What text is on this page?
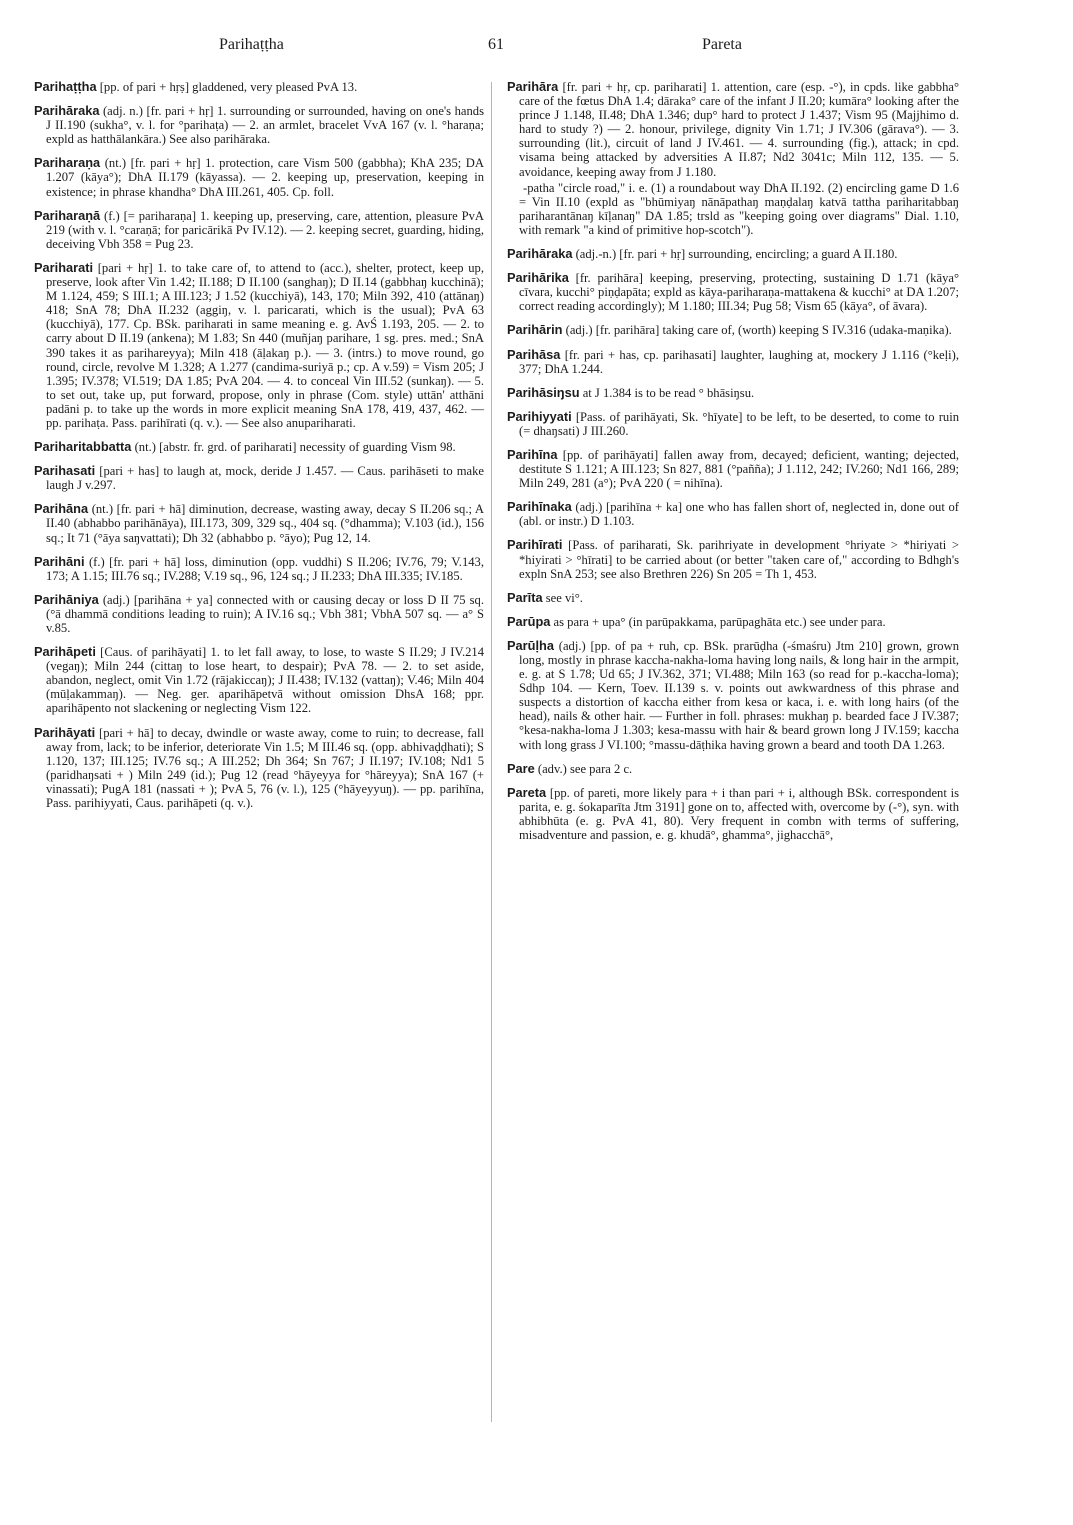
Parihaṭṭha	61	Pareta

Parihaṭṭha [pp. of pari + hṛṣ] gladdened, very pleased PvA 13.

Parihāraka (adj. n.) [fr. pari + hṛ] 1. surrounding or surrounded, having on one's hands J II.190 (sukha°, v. l. for °parihaṭa) — 2. an armlet, bracelet VvA 167 (v. l. °haraṇa; expld as hatthālankāra.) See also parihāraka.

Pariharaṇa (nt.) [fr. pari + hṛ] 1. protection, care Vism 500 (gabbha); KhA 235; DA 1.207 (kāya°); DhA II.179 (kāyassa). — 2. keeping up, preservation, keeping in existence; in phrase khandha° DhA III.261, 405. Cp. foll.

Pariharaṇā (f.) [= pariharaṇa] 1. keeping up, preserving, care, attention, pleasure PvA 219 (with v. l. °caraṇā; for paricārikā Pv IV.12). — 2. keeping secret, guarding, hiding, deceiving Vbh 358 = Pug 23.

Pariharati [pari + hṛ] 1. to take care of, to attend to (acc.), shelter, protect, keep up, preserve, look after Vin 1.42; II.188; D II.100 (sanghaŋ); D II.14 (gabbhaŋ kucchinā); M 1.124, 459; S III.1; A III.123; J 1.52 (kucchiyā), 143, 170; Miln 392, 410 (attānaŋ) 418; SnA 78; DhA II.232 (aggiŋ, v. l. paricarati, which is the usual); PvA 63 (kucchiyā), 177. Cp. BSk. pariharati in same meaning e. g. AvŚ 1.193, 205. — 2. to carry about D II.19 (ankena); M 1.83; Sn 440 (muñjaŋ parihare, 1 sg. pres. med.; SnA 390 takes it as parihareyya); Miln 418 (āḷakaŋ p.). — 3. (intrs.) to move round, go round, circle, revolve M 1.328; A 1.277 (candima-suriyā p.; cp. A v.59) = Vism 205; J 1.395; IV.378; VI.519; DA 1.85; PvA 204. — 4. to conceal Vin III.52 (sunkaŋ). — 5. to set out, take up, put forward, propose, only in phrase (Com. style) uttān' atthāni padāni p. to take up the words in more explicit meaning SnA 178, 419, 437, 462. — pp. parihaṭa. Pass. parihīrati (q. v.). — See also anupariharati.

Pariharitabbatta (nt.) [abstr. fr. grd. of pariharati] necessity of guarding Vism 98.

Parihasati [pari + has] to laugh at, mock, deride J 1.457. — Caus. parihāseti to make laugh J v.297.

Parihāna (nt.) [fr. pari + hā] diminution, decrease, wasting away, decay S II.206 sq.; A II.40 (abhabbo parihānāya), III.173, 309, 329 sq., 404 sq. (°dhamma); V.103 (id.), 156 sq.; It 71 (°āya saŋvattati); Dh 32 (abhabbo p. °āyo); Pug 12, 14.

Parihāni (f.) [fr. pari + hā] loss, diminution (opp. vuddhi) S II.206; IV.76, 79; V.143, 173; A 1.15; III.76 sq.; IV.288; V.19 sq., 96, 124 sq.; J II.233; DhA III.335; IV.185.

Parihāniya (adj.) [parihāna + ya] connected with or causing decay or loss D II 75 sq. (°ā dhammā conditions leading to ruin); A IV.16 sq.; Vbh 381; VbhA 507 sq. — a° S v.85.

Parihāpeti [Caus. of parihāyati] 1. to let fall away, to lose, to waste S II.29; J IV.214 (vegaŋ); Miln 244 (cittaŋ to lose heart, to despair); PvA 78. — 2. to set aside, abandon, neglect, omit Vin 1.72 (rājakiccaŋ); J II.438; IV.132 (vattaŋ); V.46; Miln 404 (mūḷakammaŋ). — Neg. ger. aparihāpetvā without omission DhsA 168; ppr. aparihāpento not slackening or neglecting Vism 122.

Parihāyati [pari + hā] to decay, dwindle or waste away, come to ruin; to decrease, fall away from, lack; to be inferior, deteriorate Vin 1.5; M III.46 sq. (opp. abhivaḍḍhati); S 1.120, 137; III.125; IV.76 sq.; A III.252; Dh 364; Sn 767; J II.197; IV.108; Nd1 5 (paridhaŋsati + ) Miln 249 (id.); Pug 12 (read °hāyeyya for °hāreyya); SnA 167 (+ vinassati); PugA 181 (nassati + ); PvA 5, 76 (v. l.), 125 (°hāyeyyuŋ). — pp. parihīna, Pass. parihiyyati, Caus. parihāpeti (q. v.).

Parihāra [fr. pari + hṛ, cp. pariharati] 1. attention, care (esp. -°), in cpds. like gabbha° care of the fœtus DhA 1.4; dāraka° care of the infant J II.20; kumāra° looking after the prince J 1.148, II.48; DhA 1.346; dup° hard to protect J 1.437; Vism 95 (Majjhimo d. hard to study ?) — 2. honour, privilege, dignity Vin 1.71; J IV.306 (gārava°). — 3. surrounding (lit.), circuit of land J IV.461. — 4. surrounding (fig.), attack; in cpd. visama being attacked by adversities A II.87; Nd2 3041c; Miln 112, 135. — 5. avoidance, keeping away from J 1.180.

-patha "circle road," i. e. (1) a roundabout way DhA II.192. (2) encircling game D 1.6 = Vin II.10 (expld as "bhūmiyaŋ nānāpathaŋ maṇḍalaŋ katvā tattha pariharitabbaŋ pariharantānaŋ kīḷanaŋ" DA 1.85; trsld as "keeping going over diagrams" Dial. 1.10, with remark "a kind of primitive hop-scotch").

Parihāraka (adj.-n.) [fr. pari + hṛ] surrounding, encircling; a guard A II.180.

Parihārika [fr. parihāra] keeping, preserving, protecting, sustaining D 1.71 (kāya° cīvara, kucchi° piṇḍapāta; expld as kāya-pariharaṇa-mattakena & kucchi° at DA 1.207; correct reading accordingly); M 1.180; III.34; Pug 58; Vism 65 (kāya°, of āvara).

Parihārin (adj.) [fr. parihāra] taking care of, (worth) keeping S IV.316 (udaka-maṇika).

Parihāsa [fr. pari + has, cp. parihasati] laughter, laughing at, mockery J 1.116 (°keḷi), 377; DhA 1.244.

Parihāsiŋsu at J 1.384 is to be read ° bhāsiŋsu.

Parihiyyati [Pass. of parihāyati, Sk. °hīyate] to be left, to be deserted, to come to ruin (= dhaŋsati) J III.260.

Parihīna [pp. of parihāyati] fallen away from, decayed; deficient, wanting; dejected, destitute S 1.121; A III.123; Sn 827, 881 (°pañña); J 1.112, 242; IV.260; Nd1 166, 289; Miln 249, 281 (a°); PvA 220 ( = nihīna).

Parihīnaka (adj.) [parihīna + ka] one who has fallen short of, neglected in, done out of (abl. or instr.) D 1.103.

Parihīrati [Pass. of pariharati, Sk. parihriyate in development °hriyate > *hiriyati > *hiyirati > °hīrati] to be carried about (or better "taken care of," according to Bdhgh's expln SnA 253; see also Brethren 226) Sn 205 = Th 1, 453.

Parīta see vi°.

Parūpa as para + upa° (in parūpakkama, parūpaghāta etc.) see under para.

Parūḷha (adj.) [pp. of pa + ruh, cp. BSk. prarūḍha (-śmaśru) Jtm 210] grown, grown long, mostly in phrase kaccha-nakha-loma having long nails, & long hair in the armpit, e. g. at S 1.78; Ud 65; J IV.362, 371; VI.488; Miln 163 (so read for p.-kaccha-loma); Sdhp 104. — Kern, Toev. II.139 s. v. points out awkwardness of this phrase and suspects a distortion of kaccha either from kesa or kaca, i. e. with long hairs (of the head), nails & other hair. — Further in foll. phrases: mukhaŋ p. bearded face J IV.387; °kesa-nakha-loma J 1.303; kesa-massu with hair & beard grown long J IV.159; kaccha with long grass J VI.100; °massu-dāṭhika having grown a beard and tooth DA 1.263.

Pare (adv.) see para 2 c.

Pareta [pp. of pareti, more likely para + i than pari + i, although BSk. correspondent is parita, e. g. śokaparīta Jtm 3191] gone on to, affected with, overcome by (-°), syn. with abhibhūta (e. g. PvA 41, 80). Very frequent in combn with terms of suffering, misadventure and passion, e. g. khudā°, ghamma°, jighacchā°,
